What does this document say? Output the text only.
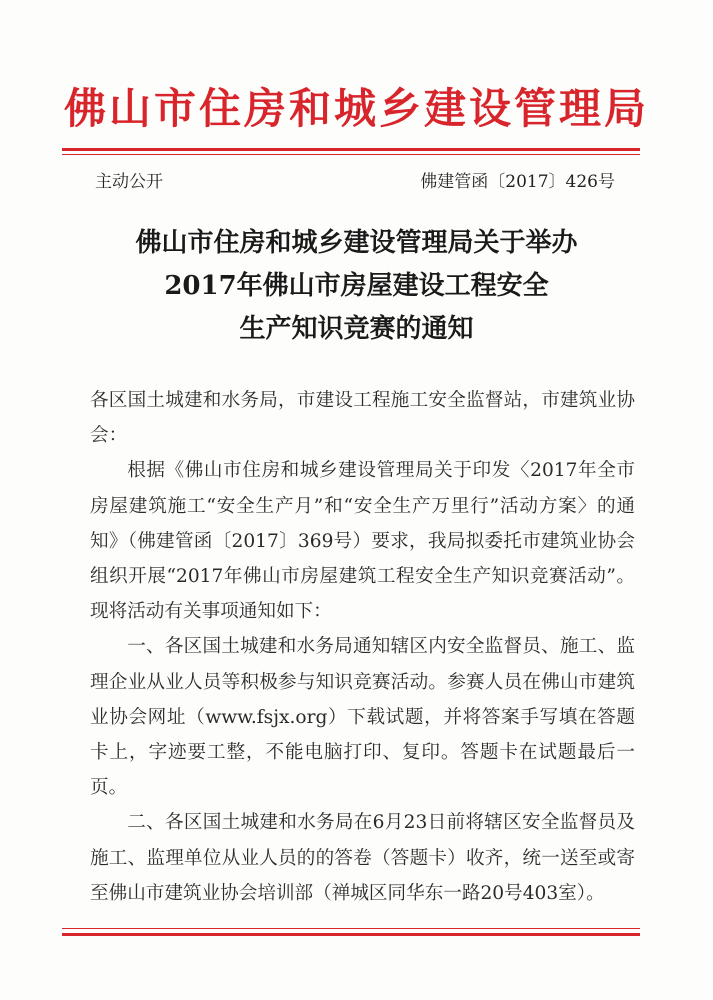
佛山市住房和城乡建设管理局
主动公开	佛建管函〔2017〕426号
佛山市住房和城乡建设管理局关于举办
2017年佛山市房屋建设工程安全
生产知识竞赛的通知

各区国土城建和水务局，市建设工程施工安全监督站，市建筑业协会：

根据《佛山市住房和城乡建设管理局关于印发〈2017年全市房屋建筑施工“安全生产月”和“安全生产万里行”活动方案〉的通知》（佛建管函〔2017〕369号）要求，我局拟委托市建筑业协会组织开展“2017年佛山市房屋建筑工程安全生产知识竞赛活动”。现将活动有关事项通知如下：

一、各区国土城建和水务局通知辖区内安全监督员、施工、监理企业从业人员等积极参与知识竞赛活动。参赛人员在佛山市建筑业协会网址（www.fsjx.org）下载试题，并将答案手写填在答题卡上，字迹要工整，不能电脑打印、复印。答题卡在试题最后一页。

二、各区国土城建和水务局在6月23日前将辖区安全监督员及施工、监理单位从业人员的的答卷（答题卡）收齐，统一送至或寄至佛山市建筑业协会培训部（禅城区同华东一路20号403室）。
